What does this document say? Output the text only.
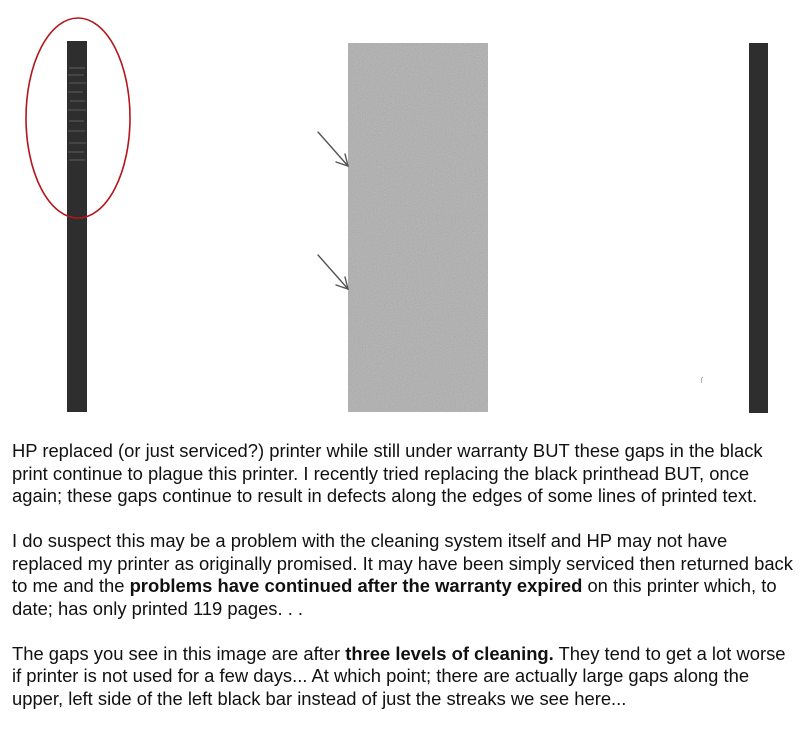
HP replaced (or just serviced?) printer while still under warranty BUT these gaps in the black print continue to plague this printer. I recently tried replacing the black printhead BUT, once again; these gaps continue to result in defects along the edges of some lines of printed text.

I do suspect this may be a problem with the cleaning system itself and HP may not have replaced my printer as originally promised. It may have been simply serviced then returned back to me and the problems have continued after the warranty expired on this printer which, to date; has only printed 119 pages. . .

The gaps you see in this image are after three levels of cleaning. They tend to get a lot worse if printer is not used for a few days... At which point; there are actually large gaps along the upper, left side of the left black bar instead of just the streaks we see here...
